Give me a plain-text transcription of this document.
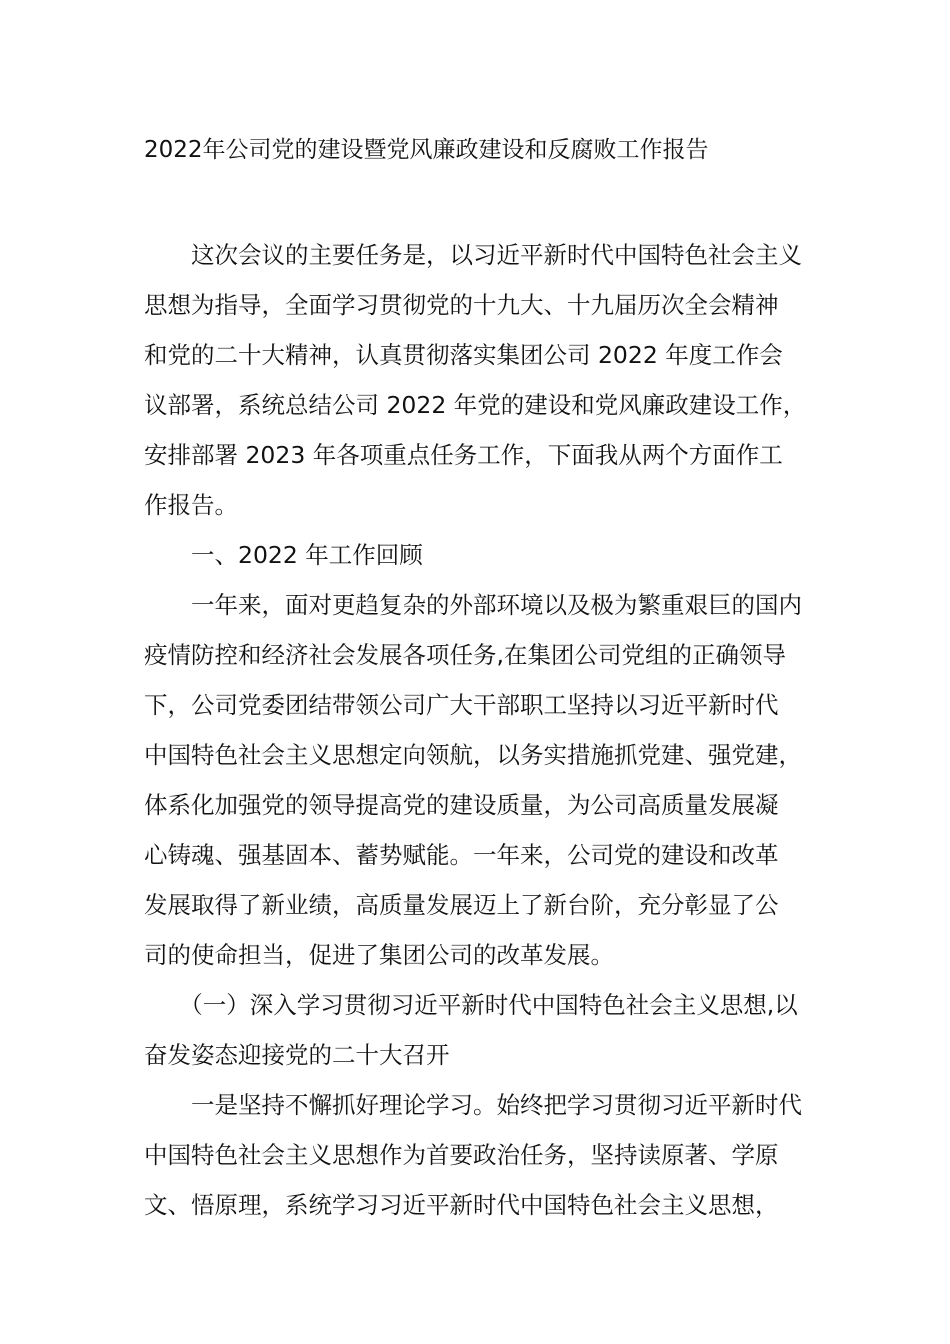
2022年公司党的建设暨党风廉政建设和反腐败工作报告

　　这次会议的主要任务是，以习近平新时代中国特色社会主义
思想为指导，全面学习贯彻党的十九大、十九届历次全会精神
和党的二十大精神，认真贯彻落实集团公司 2022 年度工作会
议部署，系统总结公司 2022 年党的建设和党风廉政建设工作，
安排部署 2023 年各项重点任务工作，下面我从两个方面作工
作报告。

　　一、2022 年工作回顾

　　一年来，面对更趋复杂的外部环境以及极为繁重艰巨的国内
疫情防控和经济社会发展各项任务,在集团公司党组的正确领导
下，公司党委团结带领公司广大干部职工坚持以习近平新时代
中国特色社会主义思想定向领航，以务实措施抓党建、强党建，
体系化加强党的领导提高党的建设质量，为公司高质量发展凝
心铸魂、强基固本、蓄势赋能。一年来，公司党的建设和改革
发展取得了新业绩，高质量发展迈上了新台阶，充分彰显了公
司的使命担当，促进了集团公司的改革发展。

　　（一）深入学习贯彻习近平新时代中国特色社会主义思想,以
奋发姿态迎接党的二十大召开

　　一是坚持不懈抓好理论学习。始终把学习贯彻习近平新时代
中国特色社会主义思想作为首要政治任务，坚持读原著、学原
文、悟原理，系统学习习近平新时代中国特色社会主义思想，
